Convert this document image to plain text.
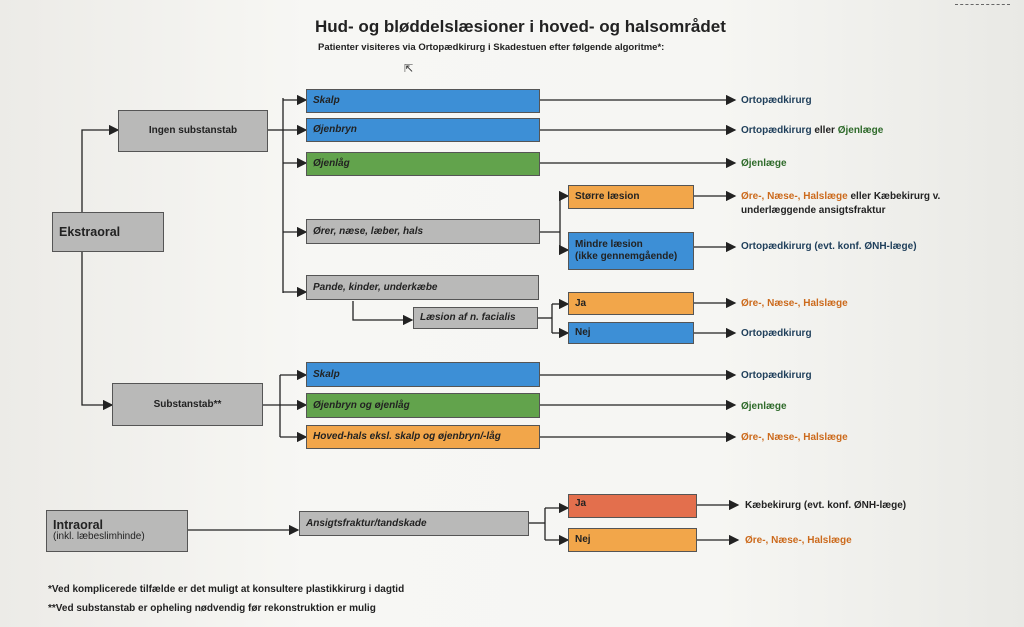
Hud- og bløddelslæsioner i hoved- og halsområdet
Patienter visiteres via Ortopædkirurg i Skadestuen efter følgende algoritme*:
⇱
Ekstraoral
Ingen substanstab
Substanstab**
Intraoral
(inkl. læbeslimhinde)
Skalp
Øjenbryn
Øjenlåg
Ører, næse, læber, hals
Pande, kinder, underkæbe
Læsion af n. facialis
Større læsion
Mindre læsion
(ikke gennemgående)
Ja
Nej
Skalp
Øjenbryn og øjenlåg
Hoved-hals eksl. skalp og øjenbryn/-låg
Ansigtsfraktur/tandskade
Ja
Nej
Ortopædkirurg
Ortopædkirurg eller Øjenlæge
Øjenlæge
Øre-, Næse-, Halslæge eller Kæbekirurg v.
underlæggende ansigtsfraktur
Ortopædkirurg (evt. konf. ØNH-læge)
Øre-, Næse-, Halslæge
Ortopædkirurg
Ortopædkirurg
Øjenlæge
Øre-, Næse-, Halslæge
Kæbekirurg (evt. konf. ØNH-læge)
Øre-, Næse-, Halslæge
*Ved komplicerede tilfælde er det muligt at konsultere plastikkirurg i dagtid
**Ved substanstab er opheling nødvendig før rekonstruktion er mulig
